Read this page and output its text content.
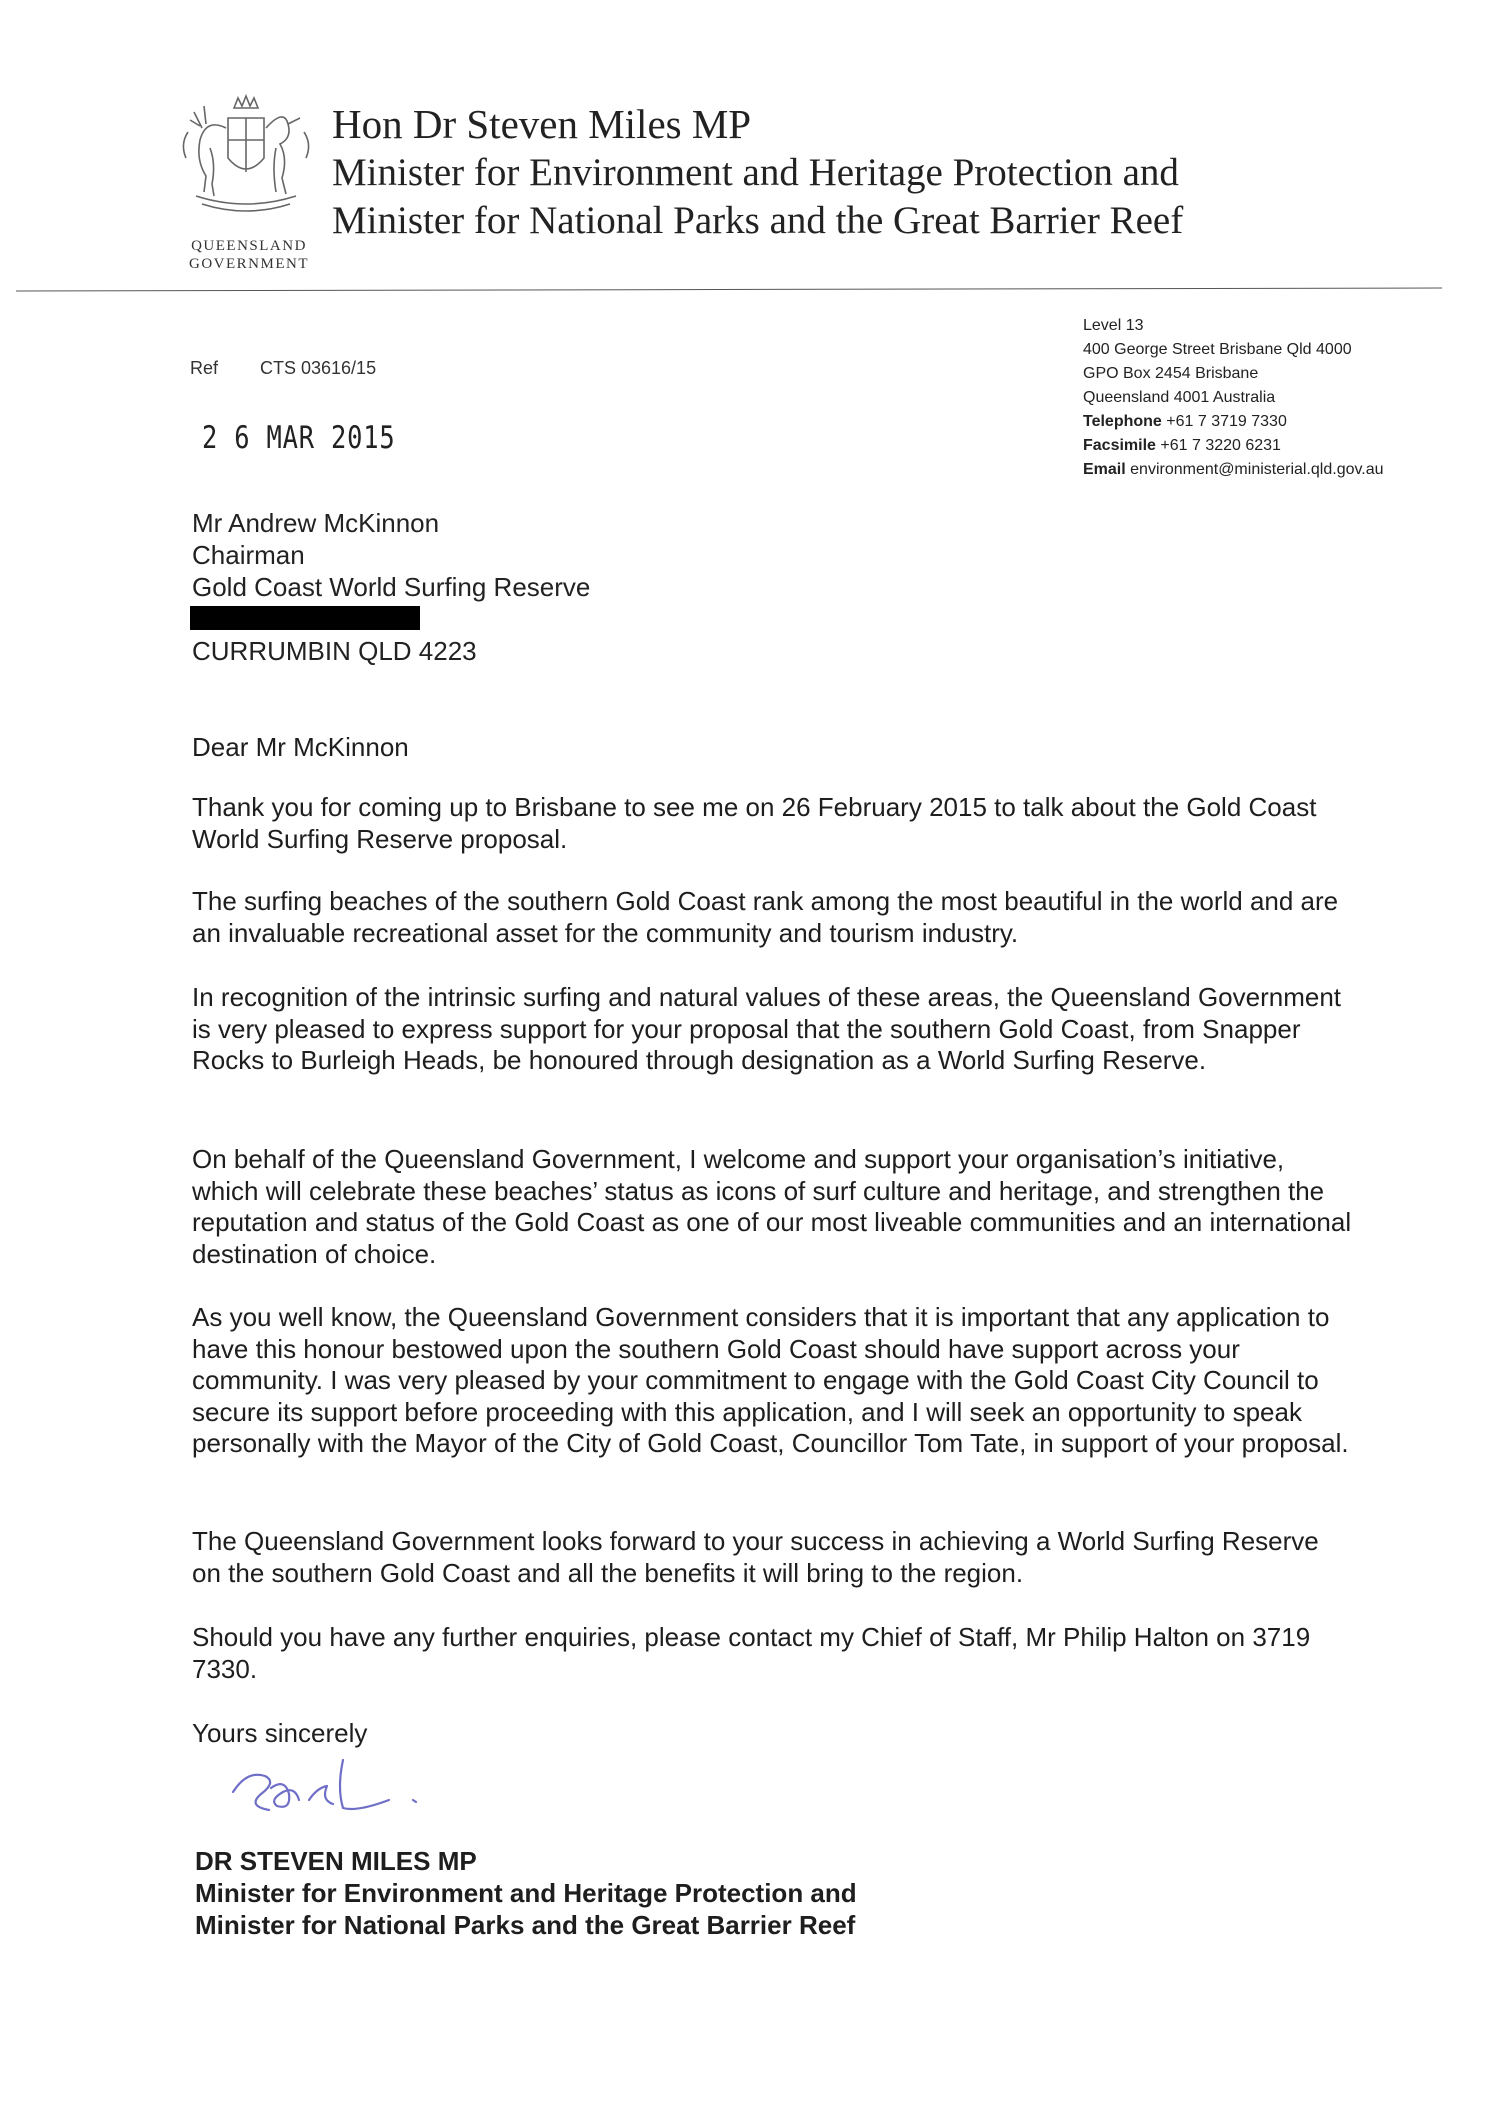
QUEENSLAND
GOVERNMENT
Hon Dr Steven Miles MP
Minister for Environment and Heritage Protection and
Minister for National Parks and the Great Barrier Reef
Level 13
400 George Street Brisbane Qld 4000
GPO Box 2454 Brisbane
Queensland 4001 Australia
Telephone +61 7 3719 7330
Facsimile +61 7 3220 6231
Email environment@ministerial.qld.gov.au
Ref CTS 03616/15
2 6 MAR 2015
Mr Andrew McKinnon
Chairman
Gold Coast World Surfing Reserve
CURRUMBIN QLD 4223
Dear Mr McKinnon
Thank you for coming up to Brisbane to see me on 26 February 2015 to talk about the Gold Coast World Surfing Reserve proposal.
The surfing beaches of the southern Gold Coast rank among the most beautiful in the world and are an invaluable recreational asset for the community and tourism industry.
In recognition of the intrinsic surfing and natural values of these areas, the Queensland Government is very pleased to express support for your proposal that the southern Gold Coast, from Snapper Rocks to Burleigh Heads, be honoured through designation as a World Surfing Reserve.
On behalf of the Queensland Government, I welcome and support your organisation’s initiative, which will celebrate these beaches’ status as icons of surf culture and heritage, and strengthen the reputation and status of the Gold Coast as one of our most liveable communities and an international destination of choice.
As you well know, the Queensland Government considers that it is important that any application to have this honour bestowed upon the southern Gold Coast should have support across your community. I was very pleased by your commitment to engage with the Gold Coast City Council to secure its support before proceeding with this application, and I will seek an opportunity to speak personally with the Mayor of the City of Gold Coast, Councillor Tom Tate, in support of your proposal.
The Queensland Government looks forward to your success in achieving a World Surfing Reserve on the southern Gold Coast and all the benefits it will bring to the region.
Should you have any further enquiries, please contact my Chief of Staff, Mr Philip Halton on 3719 7330.
Yours sincerely
DR STEVEN MILES MP
Minister for Environment and Heritage Protection and
Minister for National Parks and the Great Barrier Reef
